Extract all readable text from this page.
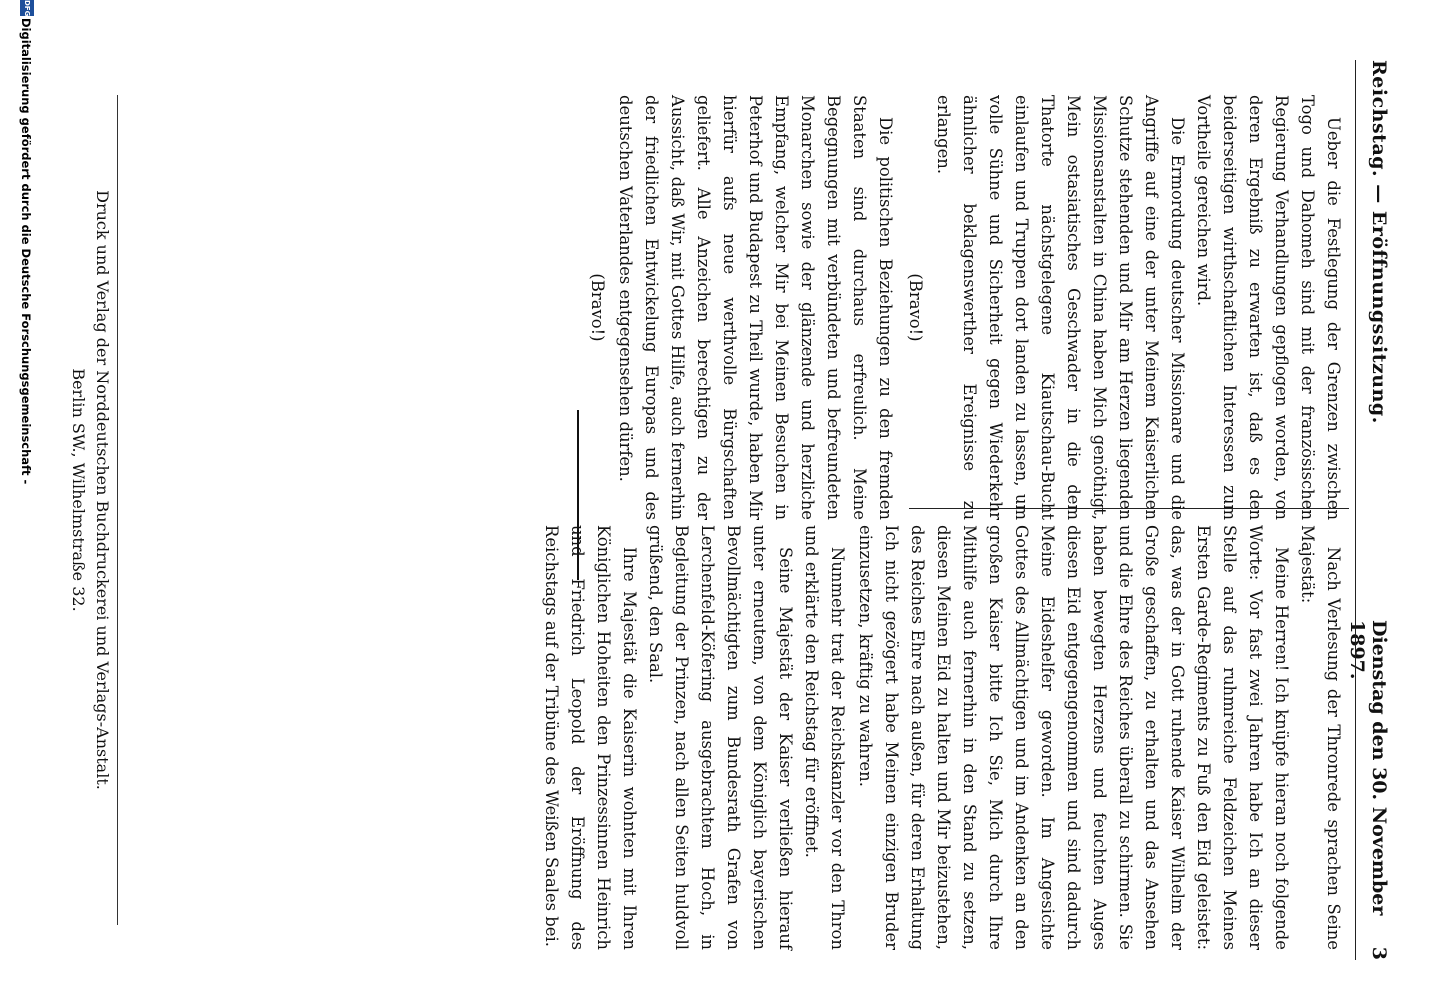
Reichstag. — Eröffnungssitzung.
Dienstag den 30. November 1897.
3

Ueber die Festlegung der Grenzen zwischen Togo und Dahomeh sind mit der französischen Regierung Verhandlungen gepflogen worden, von deren Ergebniß zu erwarten ist, daß es den beiderseitigen wirthschaftlichen Interessen zum Vortheile gereichen wird.

Die Ermordung deutscher Missionare und die Angriffe auf eine der unter Meinem Kaiserlichen Schutze stehenden und Mir am Herzen liegenden Missionsanstalten in China haben Mich genöthigt, Mein ostasiatisches Geschwader in die dem Thatorte nächstgelegene Kiautschau-Bucht einlaufen und Truppen dort landen zu lassen, um volle Sühne und Sicherheit gegen Wiederkehr ähnlicher beklagenswerther Ereignisse zu erlangen.

(Bravo!)

Die politischen Beziehungen zu den fremden Staaten sind durchaus erfreulich. Meine Begegnungen mit verbündeten und befreundeten Monarchen sowie der glänzende und herzliche Empfang, welcher Mir bei Meinen Besuchen in Peterhof und Budapest zu Theil wurde, haben Mir hierfür aufs neue werthvolle Bürgschaften geliefert. Alle Anzeichen berechtigen zu der Aussicht, daß Wir, mit Gottes Hilfe, auch fernerhin der friedlichen Entwickelung Europas und des deutschen Vaterlandes entgegensehen dürfen.

(Bravo!)

Nach Verlesung der Thronrede sprachen Seine Majestät:

Meine Herren! Ich knüpfe hieran noch folgende Worte: Vor fast zwei Jahren habe Ich an dieser Stelle auf das ruhmreiche Feldzeichen Meines Ersten Garde-Regiments zu Fuß den Eid geleistet: das, was der in Gott ruhende Kaiser Wilhelm der Große geschaffen, zu erhalten und das Ansehen und die Ehre des Reiches überall zu schirmen. Sie haben bewegten Herzens und feuchten Auges diesen Eid entgegengenommen und sind dadurch Meine Eideshelfer geworden. Im Angesichte Gottes des Allmächtigen und im Andenken an den großen Kaiser bitte Ich Sie, Mich durch Ihre Mithilfe auch fernerhin in den Stand zu setzen, diesen Meinen Eid zu halten und Mir beizustehen, des Reiches Ehre nach außen, für deren Erhaltung Ich nicht gezögert habe Meinen einzigen Bruder einzusetzen, kräftig zu wahren.

Nunmehr trat der Reichskanzler vor den Thron und erklärte den Reichstag für eröffnet.

Seine Majestät der Kaiser verließen hierauf unter erneutem, von dem Königlich bayerischen Bevollmächtigten zum Bundesrath Grafen von Lerchenfeld-Köfering ausgebrachtem Hoch, in Begleitung der Prinzen, nach allen Seiten huldvoll grüßend, den Saal.

Ihre Majestät die Kaiserin wohnten mit Ihren Königlichen Hoheiten den Prinzessinnen Heinrich und Friedrich Leopold der Eröffnung des Reichstags auf der Tribüne des Weißen Saales bei.

Druck und Verlag der Norddeutschen Buchdruckerei und Verlags-Anstalt.
Berlin SW., Wilhelmstraße 32.
DFG
Digitalisierung gefördert durch die Deutsche Forschungsgemeinschaft -
